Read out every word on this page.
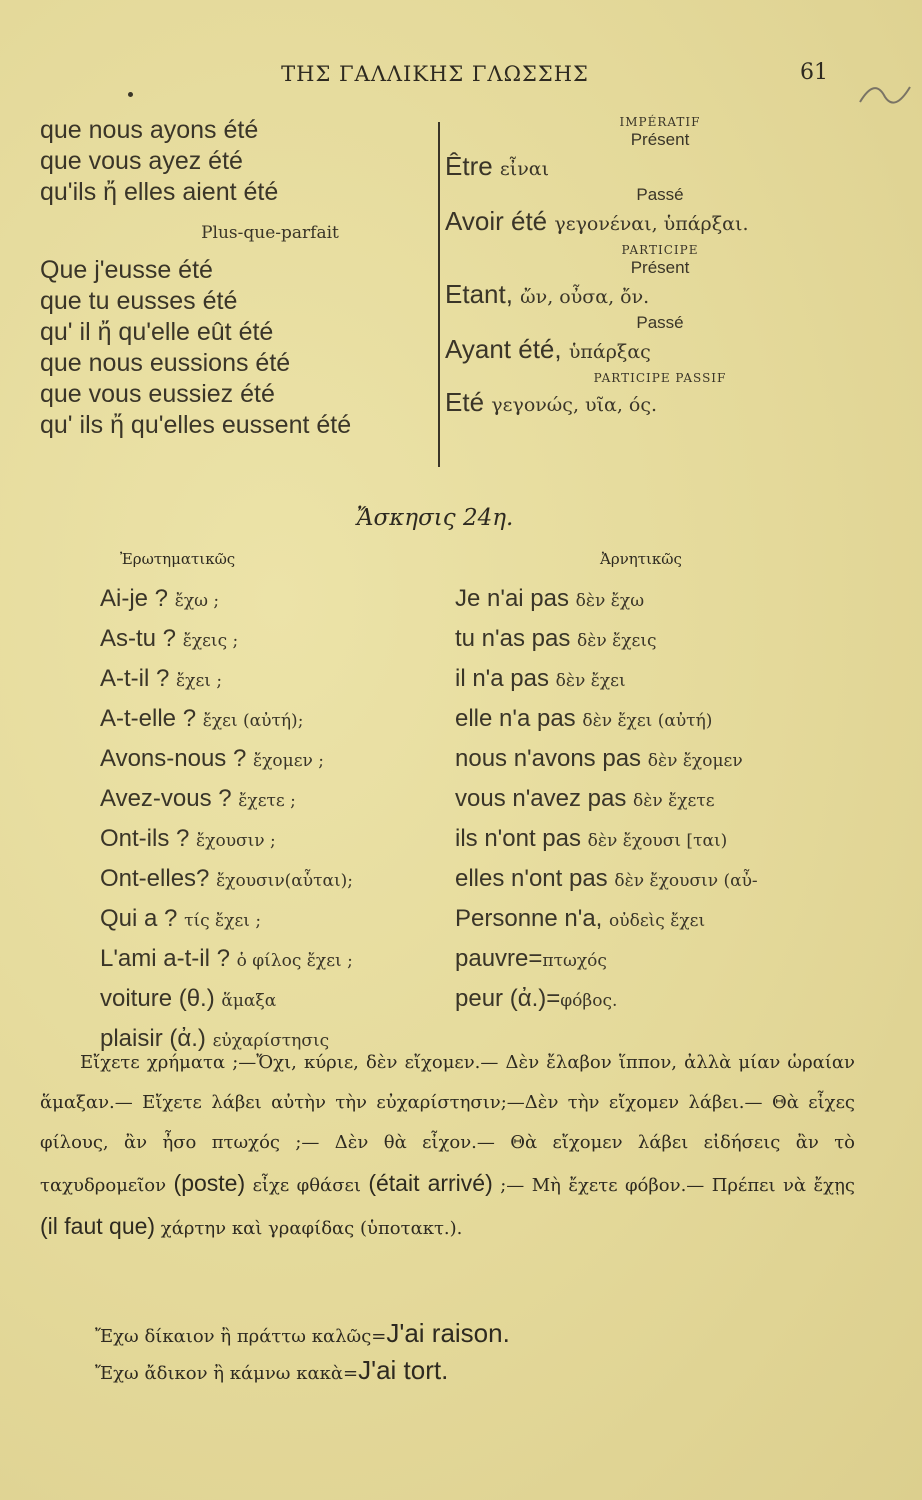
ΤΗΣ ΓΑΛΛΙΚΗΣ ΓΛΩΣΣΗΣ	61
que nous ayons été
que vous ayez été
qu'ils ἤ elles aient été
Plus-que-parfait
Que j'eusse été
que tu eusses été
qu' il ἤ qu'elle eût été
que nous eussions été
que vous eussiez été
qu' ils ἤ qu'elles eussent été
IMPÉRATIF
Présent
Être εἶναι
Passé
Avoir été γεγονέναι, ὑπάρξαι.
PARTICIPE
Présent
Etant, ὤν, οὖσα, ὄν.
Passé
Ayant été, ὑπάρξας
PARTICIPE PASSIF
Eté γεγονώς, υῖα, ός.
Ἄσκησις 24η.
Ἐρωτηματικῶς	Ἀρνητικῶς
Ai-je ? ἔχω ;
As-tu ? ἔχεις ;
A-t-il ? ἔχει ;
A-t-elle ? ἔχει (αὐτή);
Avons-nous ? ἔχομεν ;
Avez-vous ? ἔχετε ;
Ont-ils ? ἔχουσιν ;
Ont-elles? ἔχουσιν(αὗται);
Qui a ? τίς ἔχει ;
L'ami a-t-il ? ὁ φίλος ἔχει ;
voiture (θ.) ἅμαξα
plaisir (ἀ.) εὐχαρίστησις
Je n'ai pas δὲν ἔχω
tu n'as pas δὲν ἔχεις
il n'a pas δὲν ἔχει
elle n'a pas δὲν ἔχει (αὐτή)
nous n'avons pas δὲν ἔχομεν
vous n'avez pas δὲν ἔχετε
ils n'ont pas δὲν ἔχουσι [ται)
elles n'ont pas δὲν ἔχουσιν (αὖ-
Personne n'a, οὐδεὶς ἔχει
pauvre=πτωχός
peur (ἀ.)=φόβος.

Εἴχετε χρήματα ;—Ὄχι, κύριε, δὲν εἴχομεν.— Δὲν ἔλαβον ἵππον, ἀλλὰ μίαν ὡραίαν ἅμαξαν.— Εἴχετε λάβει αὐτὴν τὴν εὐχαρίστησιν;—Δὲν τὴν εἴχομεν λάβει.— Θὰ εἶχες φίλους, ἂν ἦσο πτωχός ;— Δὲν θὰ εἶχον.— Θὰ εἴχομεν λάβει εἰδήσεις ἂν τὸ ταχυδρομεῖον (poste) εἶχε φθάσει (était arrivé) ;— Μὴ ἔχετε φόβον.— Πρέπει νὰ ἔχῃς (il faut que) χάρτην καὶ γραφίδας (ὑποτακτ.).

Ἔχω δίκαιον ἢ πράττω καλῶς=J'ai raison.
Ἔχω ἄδικον ἢ κάμνω κακὰ=J'ai tort.
